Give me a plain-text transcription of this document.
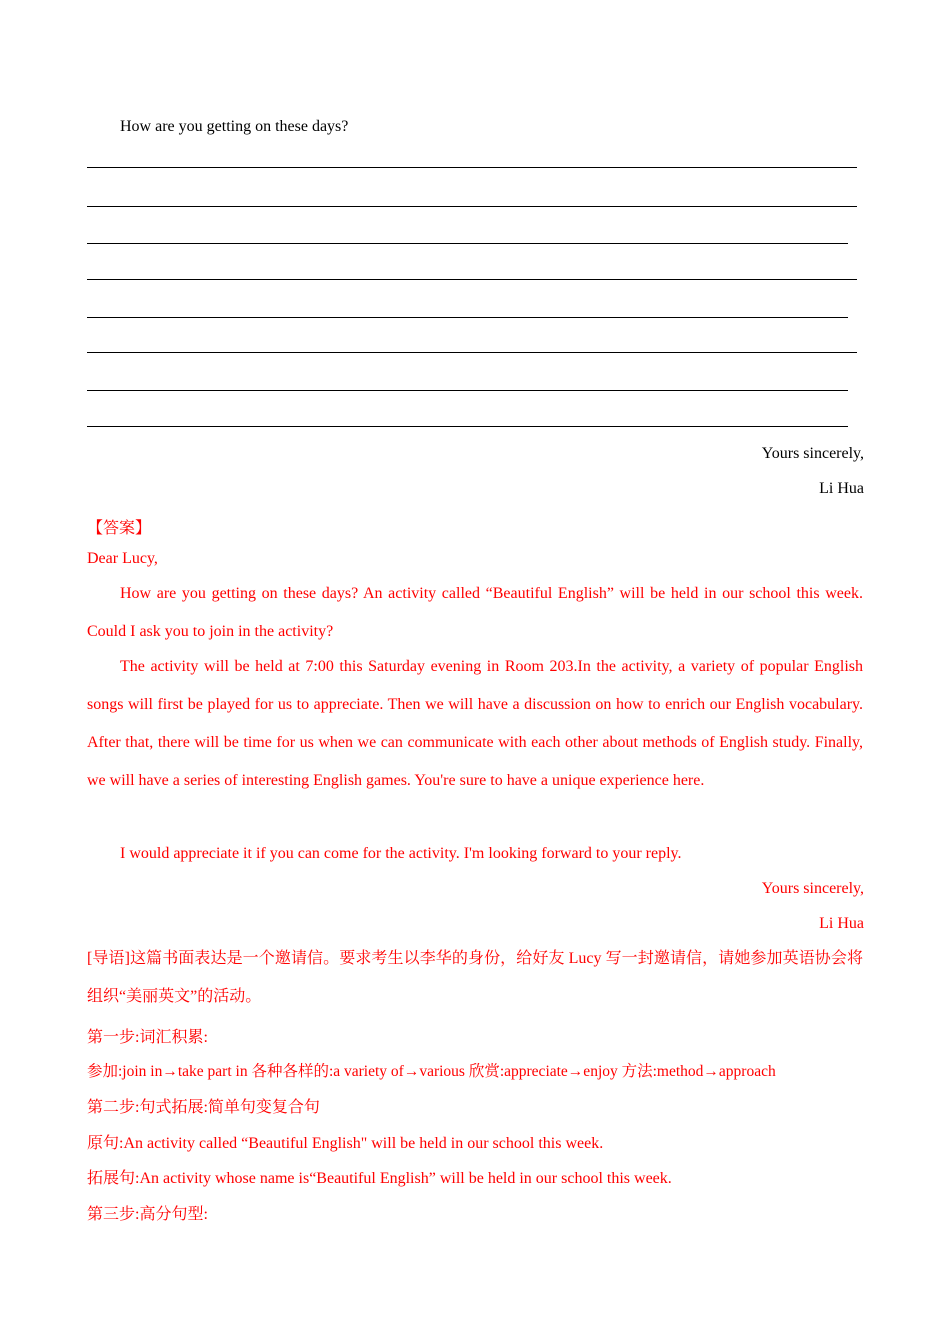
How are you getting on these days?
Yours sincerely,
Li Hua
【答案】
Dear Lucy,
How are you getting on these days? An activity called “Beautiful English” will be held in our school this week. Could I ask you to join in the activity?
The activity will be held at 7:00 this Saturday evening in Room 203.In the activity, a variety of popular English songs will first be played for us to appreciate. Then we will have a discussion on how to enrich our English vocabulary. After that, there will be time for us when we can communicate with each other about methods of English study. Finally, we will have a series of interesting English games. You're sure to have a unique experience here.
I would appreciate it if you can come for the activity. I'm looking forward to your reply.
Yours sincerely,
Li Hua
[导语]这篇书面表达是一个邀请信。要求考生以李华的身份，给好友 Lucy 写一封邀请信，请她参加英语协会将组织“美丽英文”的活动。
第一步:词汇积累:
参加:join in→take part in 各种各样的:a variety of→various 欣赏:appreciate→enjoy 方法:method→approach
第二步:句式拓展:简单句变复合句
原句:An activity called “Beautiful English" will be held in our school this week.
拓展句:An activity whose name is“Beautiful English” will be held in our school this week.
第三步:高分句型:
